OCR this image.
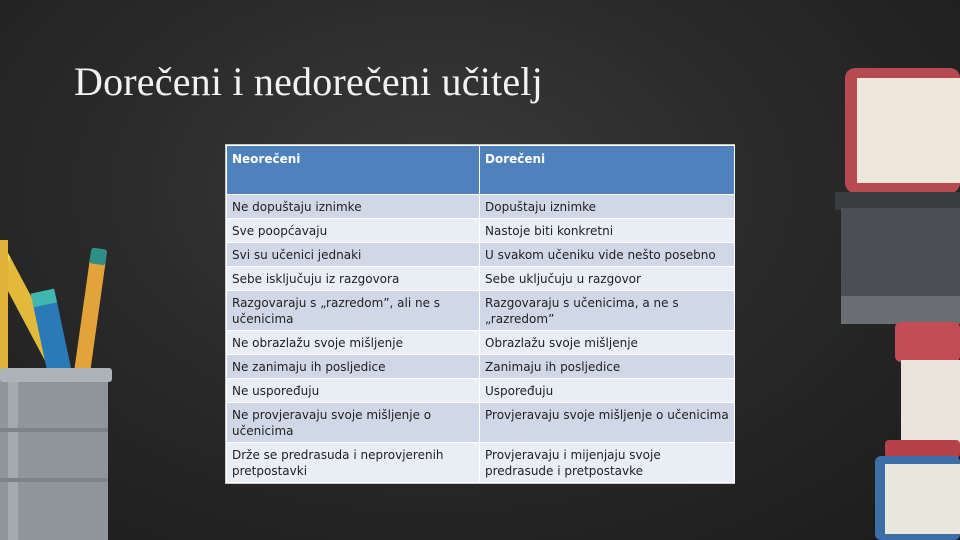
Dorečeni i nedorečeni učitelj
Neorečeni	Dorečeni
Ne dopuštaju iznimke	Dopuštaju iznimke
Sve poopćavaju	Nastoje biti konkretni
Svi su učenici jednaki	U svakom učeniku vide nešto posebno
Sebe isključuju iz razgovora	Sebe uključuju u razgovor
Razgovaraju s „razredom”, ali ne s učenicima	Razgovaraju s učenicima, a ne s „razredom”
Ne obrazlažu svoje mišljenje	Obrazlažu svoje mišljenje
Ne zanimaju ih posljedice	Zanimaju ih posljedice
Ne uspoređuju	Uspoređuju
Ne provjeravaju svoje mišljenje o učenicima	Provjeravaju svoje mišljenje o učenicima
Drže se predrasuda i neprovjerenih pretpostavki	Provjeravaju i mijenjaju svoje predrasude i pretpostavke
